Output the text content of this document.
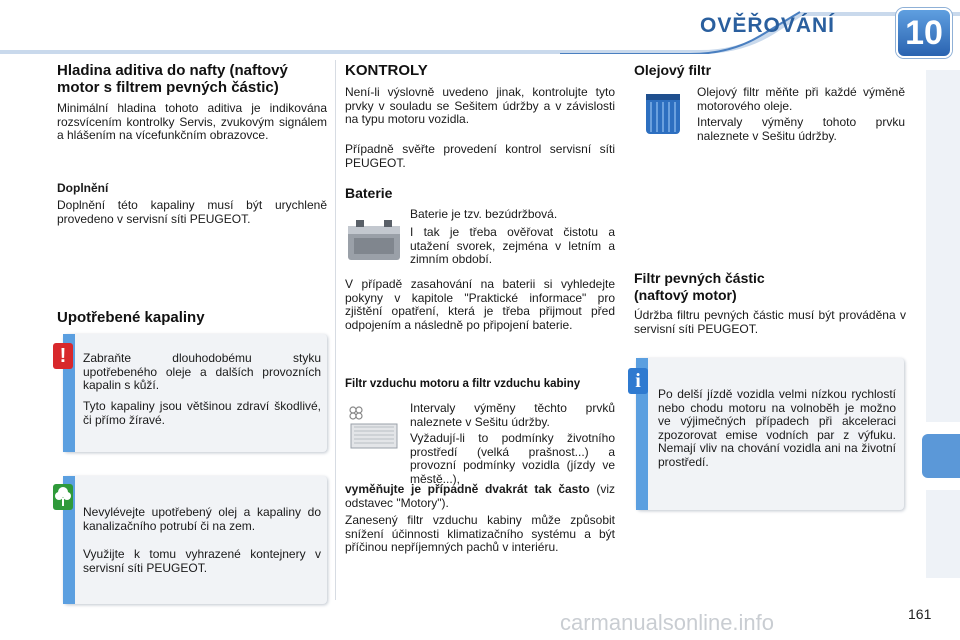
OVĚŘOVÁNÍ 10
Hladina aditiva do nafty (naftový motor s filtrem pevných částic)

Minimální hladina tohoto aditiva je indikována rozsvícením kontrolky Servis, zvukovým signálem a hlášením na vícefunkčním obrazovce.

Doplnění

Doplnění této kapaliny musí být urychleně provedeno v servisní síti PEUGEOT.

Upotřebené kapaliny

Zabraňte dlouhodobému styku upotřebeného oleje a dalších provozních kapalin s kůží.

Tyto kapaliny jsou většinou zdraví škodlivé, či přímo žíravé.

!

Nevylévejte upotřebený olej a kapaliny do kanalizačního potrubí či na zem.

Využijte k tomu vyhrazené kontejnery v servisní síti PEUGEOT.

KONTROLY

Není-li výslovně uvedeno jinak, kontrolujte tyto prvky v souladu se Sešitem údržby a v závislosti na typu motoru vozidla.

Případně svěřte provedení kontrol servisní síti PEUGEOT.

Baterie

Baterie je tzv. bezúdržbová.

I tak je třeba ověřovat čistotu a utažení svorek, zejména v letním a zimním období.

V případě zasahování na baterii si vyhledejte pokyny v kapitole "Praktické informace" pro zjištění opatření, která je třeba přijmout před odpojením a následně po připojení baterie.

Filtr vzduchu motoru a filtr vzduchu kabiny

Intervaly výměny těchto prvků naleznete v Sešitu údržby.

Vyžadují-li to podmínky životního prostředí (velká prašnost...) a provozní podmínky vozidla (jízdy ve městě...),

vyměňujte je případně dvakrát tak často (viz odstavec "Motory").

Zanesený filtr vzduchu kabiny může způsobit snížení účinnosti klimatizačního systému a být příčinou nepříjemných pachů v interiéru.

Olejový filtr

Olejový filtr měňte při každé výměně motorového oleje.

Intervaly výměny tohoto prvku naleznete v Sešitu údržby.

Filtr pevných částic (naftový motor)

Údržba filtru pevných částic musí být prováděna v servisní síti PEUGEOT.

Po delší jízdě vozidla velmi nízkou rychlostí nebo chodu motoru na volnoběh je možno ve výjimečných případech při akceleraci zpozorovat emise vodních par z výfuku. Nemají vliv na chování vozidla ani na životní prostředí.

i
carmanualsonline.info	161
